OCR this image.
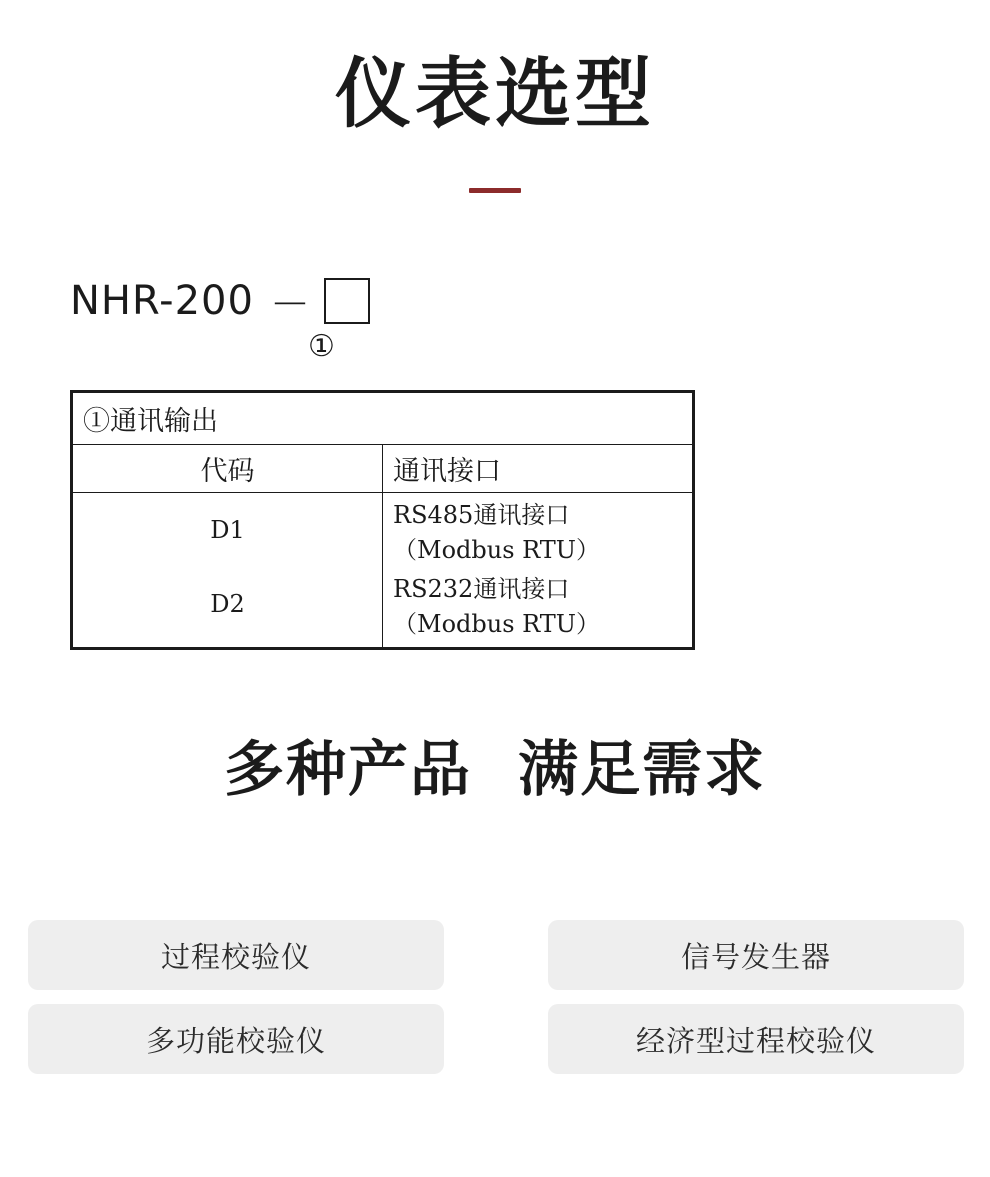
仪表选型
NHR-200 －
①
①通讯输出	
代码	通讯接口
D1	RS485通讯接口（Modbus RTU）
D2	RS232通讯接口（Modbus RTU）
多种产品 满足需求
过程校验仪	信号发生器
多功能校验仪	经济型过程校验仪
